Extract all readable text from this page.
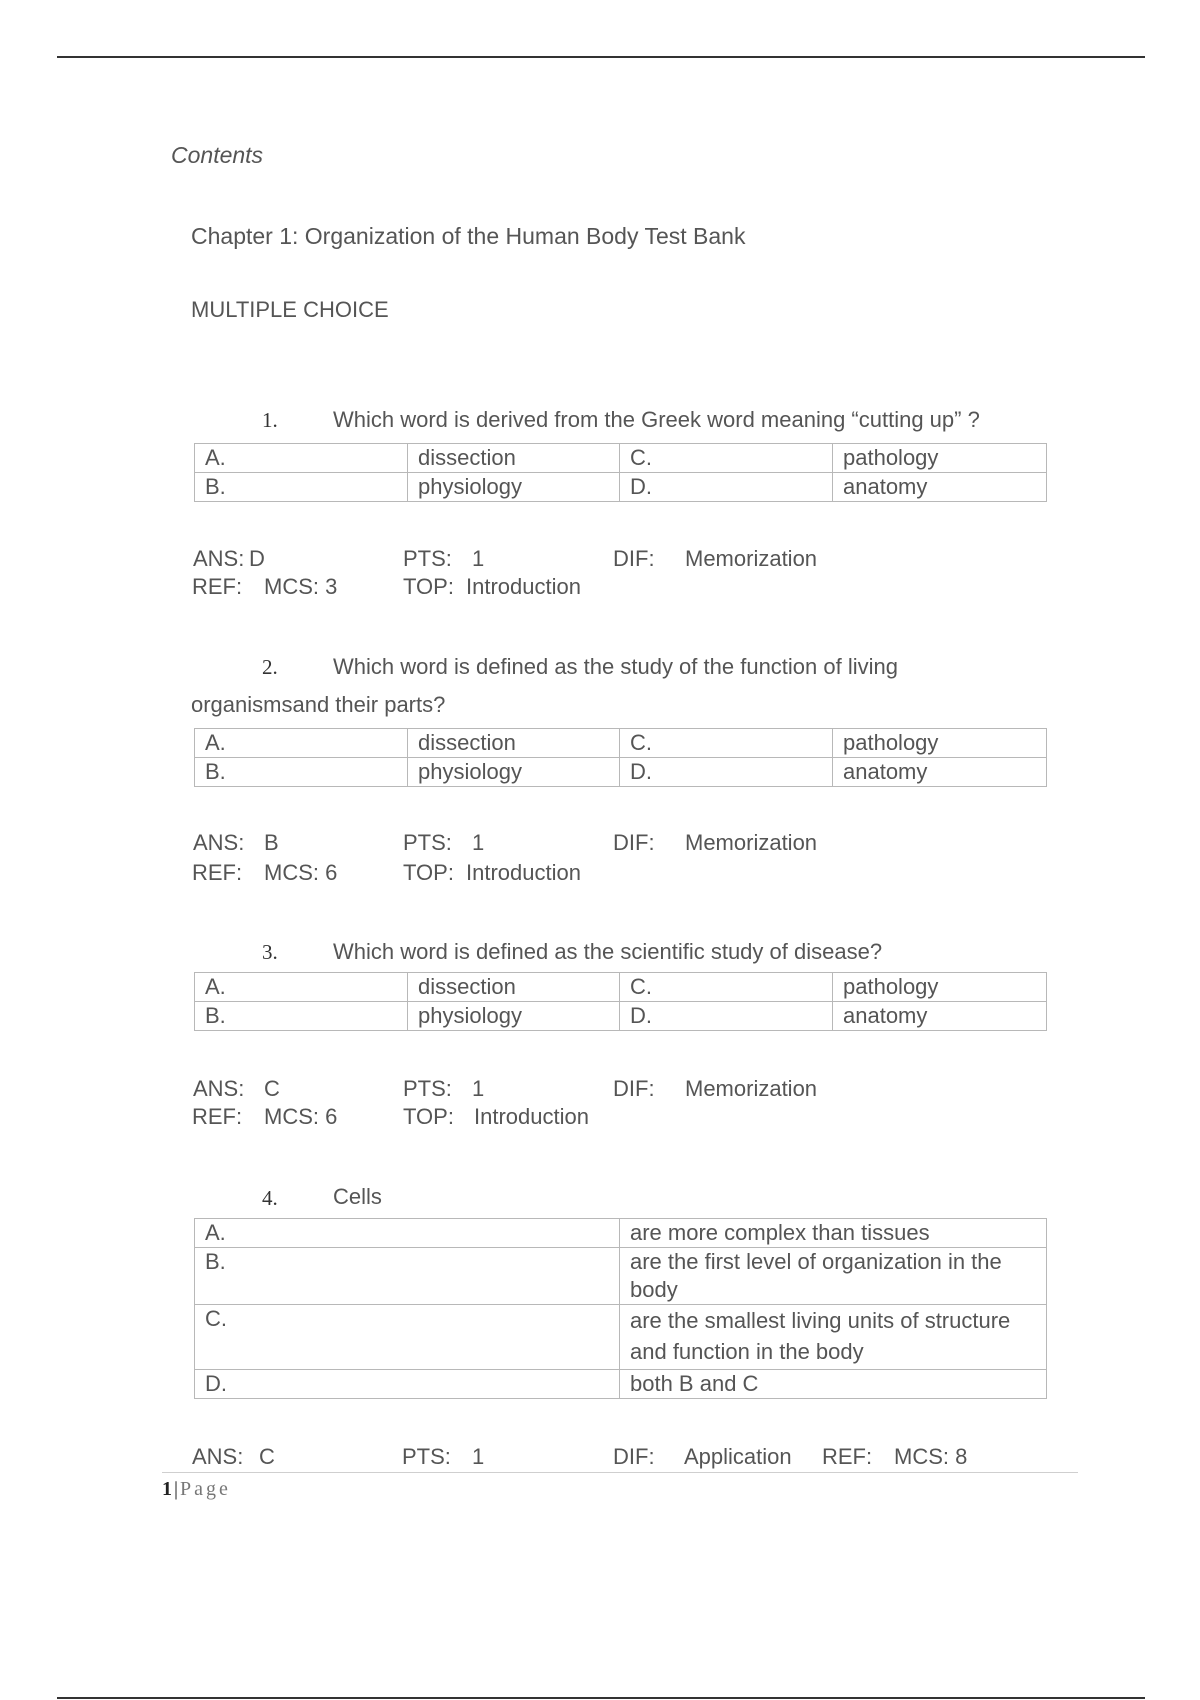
Contents
Chapter 1: Organization of the Human Body Test Bank
MULTIPLE CHOICE
1.	Which word is derived from the Greek word meaning “cutting up” ?
A.	dissection	C.	pathology
B.	physiology	D.	anatomy
ANS: D	PTS: 1	DIF: Memorization
REF: MCS: 3	TOP: Introduction
2.	Which word is defined as the study of the function of living
organismsand their parts?
A.	dissection	C.	pathology
B.	physiology	D.	anatomy
ANS: B	PTS: 1	DIF: Memorization
REF: MCS: 6	TOP: Introduction
3.	Which word is defined as the scientific study of disease?
A.	dissection	C.	pathology
B.	physiology	D.	anatomy
ANS: C	PTS: 1	DIF: Memorization
REF: MCS: 6	TOP: Introduction
4.	Cells
A.	are more complex than tissues
B.	are the first level of organization in the
body

C.	are the smallest living units of structure
and function in the body

D.	both B and C
ANS: C	PTS: 1	DIF: Application REF: MCS: 8
1 | Page
